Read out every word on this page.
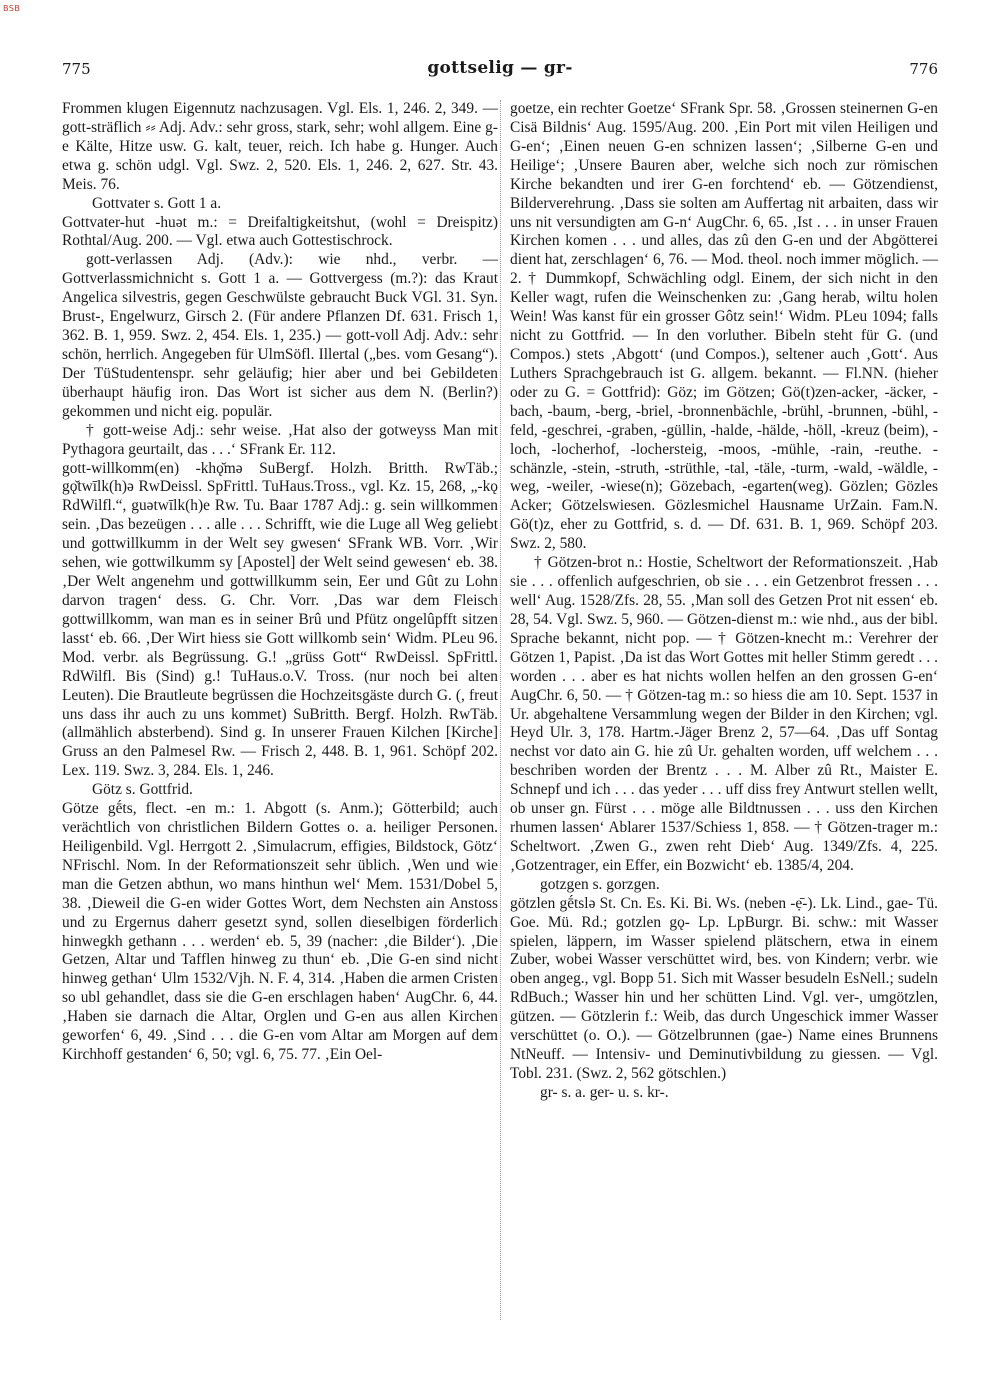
BSB
775	gottselig — gr-	776

Frommen klugen Eigennutz nachzusagen. Vgl. Els. 1, 246. 2, 349. — gott-sträflich ⸗⸗ Adj. Adv.: sehr gross, stark, sehr; wohl allgem. Eine g-e Kälte, Hitze usw. G. kalt, teuer, reich. Ich habe g. Hunger. Auch etwa g. schön udgl. Vgl. Swz. 2, 520. Els. 1, 246. 2, 627. Str. 43. Meis. 76.

Gottvater s. Gott 1 a.

Gottvater-hut -huət m.: = Dreifaltigkeitshut, (wohl = Dreispitz) Rothtal/Aug. 200. — Vgl. etwa auch Gottestischrock.

gott-verlassen Adj. (Adv.): wie nhd., verbr. — Gottverlassmichnicht s. Gott 1 a. — Gottvergess (m.?): das Kraut Angelica silvestris, gegen Geschwülste gebraucht Buck VGl. 31. Syn. Brust-, Engelwurz, Girsch 2. (Für andere Pflanzen Df. 631. Frisch 1, 362. B. 1, 959. Swz. 2, 454. Els. 1, 235.) — gott-voll Adj. Adv.: sehr schön, herrlich. Angegeben für UlmSöfl. Illertal („bes. vom Gesang“). Der TüStudentenspr. sehr geläufig; hier aber und bei Gebildeten überhaupt häufig iron. Das Wort ist sicher aus dem N. (Berlin?) gekommen und nicht eig. populär.

† gott-weise Adj.: sehr weise. ‚Hat also der gotweyss Man mit Pythagora geurtailt, das . . .‘ SFrank Er. 112.

gott-willkomm(en) -khǫ̆mə SuBergf. Holzh. Britth. RwTäb.; gǫ̆twīlk(h)ə RwDeissl. SpFrittl. TuHaus.Tross., vgl. Kz. 15, 268, „-kǫ RdWilfl.“, guətwīlk(h)e Rw. Tu. Baar 1787 Adj.: g. sein willkommen sein. ‚Das bezeügen . . . alle . . . Schrifft, wie die Luge all Weg geliebt und gottwillkumm in der Welt sey gwesen‘ SFrank WB. Vorr. ‚Wir sehen, wie gottwilkumm sy [Apostel] der Welt seind gewesen‘ eb. 38. ‚Der Welt angenehm und gottwillkumm sein, Eer und Gût zu Lohn darvon tragen‘ dess. G. Chr. Vorr. ‚Das war dem Fleisch gottwillkomm, wan man es in seiner Brû und Pfütz ongelûpfft sitzen lasst‘ eb. 66. ‚Der Wirt hiess sie Gott willkomb sein‘ Widm. PLeu 96. Mod. verbr. als Begrüssung. G.! „grüss Gott“ RwDeissl. SpFrittl. RdWilfl. Bis (Sind) g.! TuHaus.o.V. Tross. (nur noch bei alten Leuten). Die Brautleute begrüssen die Hochzeitsgäste durch G. (, freut uns dass ihr auch zu uns kommet) SuBritth. Bergf. Holzh. RwTäb. (allmählich absterbend). Sind g. In unserer Frauen Kilchen [Kirche] Gruss an den Palmesel Rw. — Frisch 2, 448. B. 1, 961. Schöpf 202. Lex. 119. Swz. 3, 284. Els. 1, 246.

Götz s. Gottfrid.

Götze gḗts, flect. -en m.: 1. Abgott (s. Anm.); Götterbild; auch verächtlich von christlichen Bildern Gottes o. a. heiliger Personen. Heiligenbild. Vgl. Herrgott 2. ‚Simulacrum, effigies, Bildstock, Götz‘ NFrischl. Nom. In der Reformationszeit sehr üblich. ‚Wen und wie man die Getzen abthun, wo mans hinthun wel‘ Mem. 1531/Dobel 5, 38. ‚Dieweil die G-en wider Gottes Wort, dem Nechsten ain Anstoss und zu Ergernus daherr gesetzt synd, sollen dieselbigen förderlich hinwegkh gethann . . . werden‘ eb. 5, 39 (nacher: ‚die Bilder‘). ‚Die Getzen, Altar und Tafflen hinweg zu thun‘ eb. ‚Die G-en sind nicht hinweg gethan‘ Ulm 1532/Vjh. N. F. 4, 314. ‚Haben die armen Cristen so ubl gehandlet, dass sie die G-en erschlagen haben‘ AugChr. 6, 44. ‚Haben sie darnach die Altar, Orglen und G-en aus allen Kirchen geworfen‘ 6, 49. ‚Sind . . . die G-en vom Altar am Morgen auf dem Kirchhoff gestanden‘ 6, 50; vgl. 6, 75. 77. ‚Ein Oel-

goetze, ein rechter Goetze‘ SFrank Spr. 58. ‚Grossen steinernen G-en Cisä Bildnis‘ Aug. 1595/Aug. 200. ‚Ein Port mit vilen Heiligen und G-en‘; ‚Einen neuen G-en schnizen lassen‘; ‚Silberne G-en und Heilige‘; ‚Unsere Bauren aber, welche sich noch zur römischen Kirche bekandten und irer G-en forchtend‘ eb. — Götzendienst, Bilderverehrung. ‚Dass sie solten am Auffertag nit arbaiten, dass wir uns nit versundigten am G-n‘ AugChr. 6, 65. ‚Ist . . . in unser Frauen Kirchen komen . . . und alles, das zû den G-en und der Abgötterei dient hat, zerschlagen‘ 6, 76. — Mod. theol. noch immer möglich. — 2. † Dummkopf, Schwächling odgl. Einem, der sich nicht in den Keller wagt, rufen die Weinschenken zu: ‚Gang herab, wiltu holen Wein! Was kanst für ein grosser Gôtz sein!‘ Widm. PLeu 1094; falls nicht zu Gottfrid. — In den vorluther. Bibeln steht für G. (und Compos.) stets ‚Abgott‘ (und Compos.), seltener auch ‚Gott‘. Aus Luthers Sprachgebrauch ist G. allgem. bekannt. — Fl.NN. (hieher oder zu G. = Gottfrid): Göz; im Götzen; Gö(t)zen-acker, -äcker, -bach, -baum, -berg, -briel, -bronnenbächle, -brühl, -brunnen, -bühl, -feld, -geschrei, -graben, -güllin, -halde, -hälde, -höll, -kreuz (beim), -loch, -locherhof, -lochersteig, -moos, -mühle, -rain, -reuthe. -schänzle, -stein, -struth, -strüthle, -tal, -täle, -turm, -wald, -wäldle, -weg, -weiler, -wiese(n); Gözebach, -egarten(weg). Gözlen; Gözles Acker; Götzelswiesen. Gözlesmichel Hausname UrZain. Fam.N. Gö(t)z, eher zu Gottfrid, s. d. — Df. 631. B. 1, 969. Schöpf 203. Swz. 2, 580.

† Götzen-brot n.: Hostie, Scheltwort der Reformationszeit. ‚Hab sie . . . offenlich aufgeschrien, ob sie . . . ein Getzenbrot fressen . . . well‘ Aug. 1528/Zfs. 28, 55. ‚Man soll des Getzen Prot nit essen‘ eb. 28, 54. Vgl. Swz. 5, 960. — Götzen-dienst m.: wie nhd., aus der bibl. Sprache bekannt, nicht pop. — † Götzen-knecht m.: Verehrer der Götzen 1, Papist. ‚Da ist das Wort Gottes mit heller Stimm geredt . . . worden . . . aber es hat nichts wollen helfen an den grossen G-en‘ AugChr. 6, 50. — † Götzen-tag m.: so hiess die am 10. Sept. 1537 in Ur. abgehaltene Versammlung wegen der Bilder in den Kirchen; vgl. Heyd Ulr. 3, 178. Hartm.-Jäger Brenz 2, 57—64. ‚Das uff Sontag nechst vor dato ain G. hie zû Ur. gehalten worden, uff welchem . . . beschriben worden der Brentz . . . M. Alber zû Rt., Maister E. Schnepf und ich . . . das yeder . . . uff diss frey Antwurt stellen wellt, ob unser gn. Fürst . . . möge alle Bildtnussen . . . uss den Kirchen rhumen lassen‘ Ablarer 1537/Schiess 1, 858. — † Götzen-trager m.: Scheltwort. ‚Zwen G., zwen reht Dieb‘ Aug. 1349/Zfs. 4, 225. ‚Gotzentrager, ein Effer, ein Bozwicht‘ eb. 1385/4, 204.

gotzgen s. gorzgen.

götzlen gḗtslə St. Cn. Es. Ki. Bi. Ws. (neben -ẹ̄-). Lk. Lind., gae- Tü. Goe. Mü. Rd.; gotzlen gǫ- Lp. LpBurgr. Bi. schw.: mit Wasser spielen, läppern, im Wasser spielend plätschern, etwa in einem Zuber, wobei Wasser verschüttet wird, bes. von Kindern; verbr. wie oben angeg., vgl. Bopp 51. Sich mit Wasser besudeln EsNell.; sudeln RdBuch.; Wasser hin und her schütten Lind. Vgl. ver-, umgötzlen, gützen. — Götzlerin f.: Weib, das durch Ungeschick immer Wasser verschüttet (o. O.). — Götzelbrunnen (gae-) Name eines Brunnens NtNeuff. — Intensiv- und Deminutivbildung zu giessen. — Vgl. Tobl. 231. (Swz. 2, 562 götschlen.)

gr- s. a. ger- u. s. kr-.
